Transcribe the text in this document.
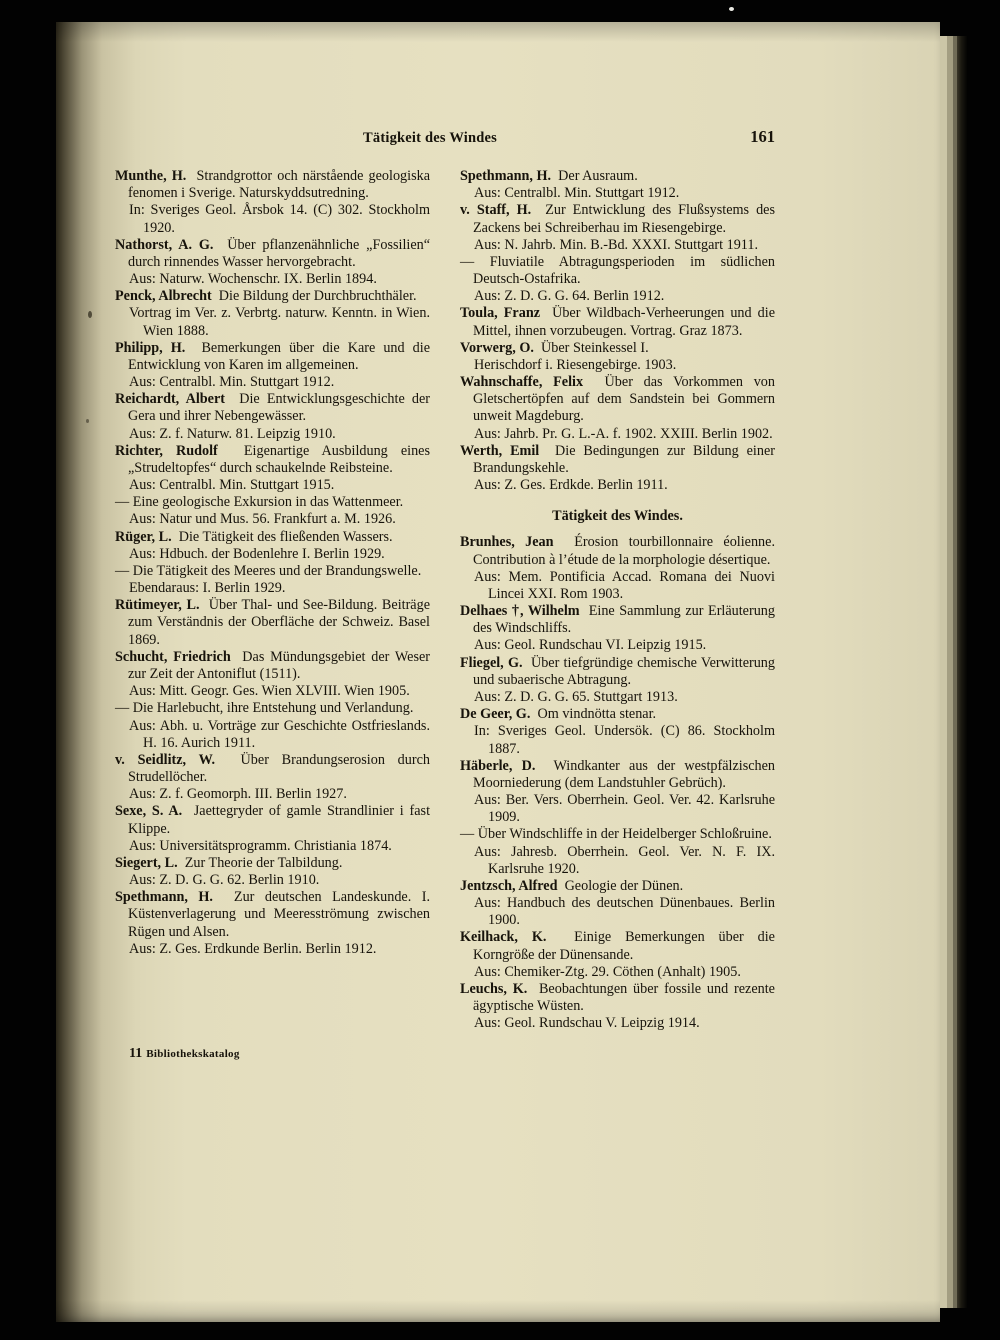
Tätigkeit des Windes	161

Munthe, H.  Strandgrottor och närstående geologiska fenomen i Sverige. Naturskyddsutredning.

In: Sveriges Geol. Årsbok 14. (C) 302. Stockholm 1920.

Nathorst, A. G.  Über pflanzenähnliche „Fossilien“ durch rinnendes Wasser hervorgebracht.

Aus: Naturw. Wochenschr. IX. Berlin 1894.

Penck, Albrecht  Die Bildung der Durchbruchthäler.

Vortrag im Ver. z. Verbrtg. naturw. Kenntn. in Wien. Wien 1888.

Philipp, H.  Bemerkungen über die Kare und die Entwicklung von Karen im allgemeinen.

Aus: Centralbl. Min. Stuttgart 1912.

Reichardt, Albert  Die Entwicklungsgeschichte der Gera und ihrer Nebengewässer.

Aus: Z. f. Naturw. 81. Leipzig 1910.

Richter, Rudolf  Eigenartige Ausbildung eines „Strudeltopfes“ durch schaukelnde Reibsteine.

Aus: Centralbl. Min. Stuttgart 1915.

— Eine geologische Exkursion in das Wattenmeer.

Aus: Natur und Mus. 56. Frankfurt a. M. 1926.

Rüger, L.  Die Tätigkeit des fließenden Wassers.

Aus: Hdbuch. der Bodenlehre I. Berlin 1929.

— Die Tätigkeit des Meeres und der Brandungswelle.

Ebendaraus: I. Berlin 1929.

Rütimeyer, L.  Über Thal- und See-Bildung. Beiträge zum Verständnis der Oberfläche der Schweiz. Basel 1869.

Schucht, Friedrich  Das Mündungsgebiet der Weser zur Zeit der Antoniflut (1511).

Aus: Mitt. Geogr. Ges. Wien XLVIII. Wien 1905.

— Die Harlebucht, ihre Entstehung und Verlandung.

Aus: Abh. u. Vorträge zur Geschichte Ostfrieslands. H. 16. Aurich 1911.

v. Seidlitz, W.  Über Brandungserosion durch Strudellöcher.

Aus: Z. f. Geomorph. III. Berlin 1927.

Sexe, S. A.  Jaettegryder of gamle Strandlinier i fast Klippe.

Aus: Universitätsprogramm. Christiania 1874.

Siegert, L.  Zur Theorie der Talbildung.

Aus: Z. D. G. G. 62. Berlin 1910.

Spethmann, H.  Zur deutschen Landeskunde. I. Küstenverlagerung und Meeresströmung zwischen Rügen und Alsen.

Aus: Z. Ges. Erdkunde Berlin. Berlin 1912.

Spethmann, H.  Der Ausraum.

Aus: Centralbl. Min. Stuttgart 1912.

v. Staff, H.  Zur Entwicklung des Flußsystems des Zackens bei Schreiberhau im Riesengebirge.

Aus: N. Jahrb. Min. B.-Bd. XXXI. Stuttgart 1911.

— Fluviatile Abtragungsperioden im südlichen Deutsch-Ostafrika.

Aus: Z. D. G. G. 64. Berlin 1912.

Toula, Franz  Über Wildbach-Verheerungen und die Mittel, ihnen vorzubeugen. Vortrag. Graz 1873.

Vorwerg, O.  Über Steinkessel I.

Herischdorf i. Riesengebirge. 1903.

Wahnschaffe, Felix  Über das Vorkommen von Gletschertöpfen auf dem Sandstein bei Gommern unweit Magdeburg.

Aus: Jahrb. Pr. G. L.-A. f. 1902. XXIII. Berlin 1902.

Werth, Emil  Die Bedingungen zur Bildung einer Brandungskehle.

Aus: Z. Ges. Erdkde. Berlin 1911.

Tätigkeit des Windes.

Brunhes, Jean  Érosion tourbillonnaire éolienne. Contribution à l’étude de la morphologie désertique.

Aus: Mem. Pontificia Accad. Romana dei Nuovi Lincei XXI. Rom 1903.

Delhaes †, Wilhelm  Eine Sammlung zur Erläuterung des Windschliffs.

Aus: Geol. Rundschau VI. Leipzig 1915.

Fliegel, G.  Über tiefgründige chemische Verwitterung und subaerische Abtragung.

Aus: Z. D. G. G. 65. Stuttgart 1913.

De Geer, G.  Om vindnötta stenar.

In: Sveriges Geol. Undersök. (C) 86. Stockholm 1887.

Häberle, D.  Windkanter aus der westpfälzischen Moorniederung (dem Landstuhler Gebrüch).

Aus: Ber. Vers. Oberrhein. Geol. Ver. 42. Karlsruhe 1909.

— Über Windschliffe in der Heidelberger Schloßruine.

Aus: Jahresb. Oberrhein. Geol. Ver. N. F. IX. Karlsruhe 1920.

Jentzsch, Alfred  Geologie der Dünen.

Aus: Handbuch des deutschen Dünenbaues. Berlin 1900.

Keilhack, K.  Einige Bemerkungen über die Korngröße der Dünensande.

Aus: Chemiker-Ztg. 29. Cöthen (Anhalt) 1905.

Leuchs, K.  Beobachtungen über fossile und rezente ägyptische Wüsten.

Aus: Geol. Rundschau V. Leipzig 1914.

11 Bibliothekskatalog
